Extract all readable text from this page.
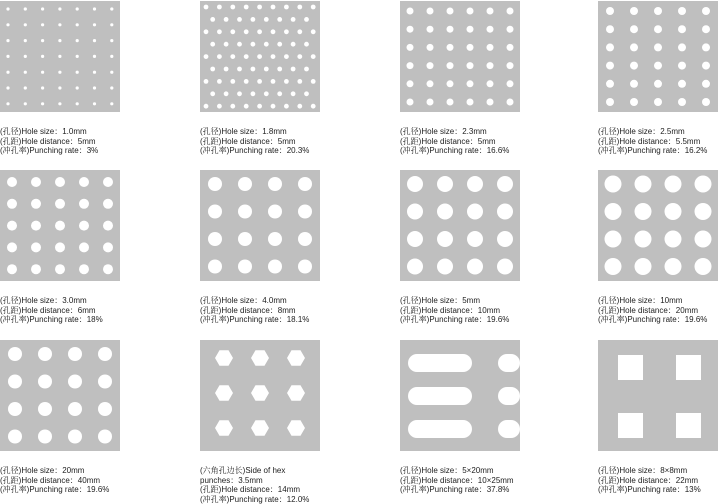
(孔径)Hole size：1.0mm
(孔距)Hole distance：5mm
(冲孔率)Punching rate：3%
(孔径)Hole size：1.8mm
(孔距)Hole distance：5mm
(冲孔率)Punching rate：20.3%
(孔径)Hole size：2.3mm
(孔距)Hole distance：5mm
(冲孔率)Punching rate：16.6%
(孔径)Hole size：2.5mm
(孔距)Hole distance：5.5mm
(冲孔率)Punching rate：16.2%
(孔径)Hole size：3.0mm
(孔距)Hole distance：6mm
(冲孔率)Punching rate：18%
(孔径)Hole size：4.0mm
(孔距)Hole distance：8mm
(冲孔率)Punching rate：18.1%
(孔径)Hole size：5mm
(孔距)Hole distance：10mm
(冲孔率)Punching rate：19.6%
(孔径)Hole size：10mm
(孔距)Hole distance：20mm
(冲孔率)Punching rate：19.6%
(孔径)Hole size：20mm
(孔距)Hole distance：40mm
(冲孔率)Punching rate：19.6%
(六角孔边长)Side of hex
punches：3.5mm
(孔距)Hole distance：14mm
(冲孔率)Punching rate：12.0%
(孔径)Hole size：5×20mm
(孔距)Hole distance：10×25mm
(冲孔率)Punching rate：37.8%
(孔径)Hole size：8×8mm
(孔距)Hole distance：22mm
(冲孔率)Punching rate：13%
